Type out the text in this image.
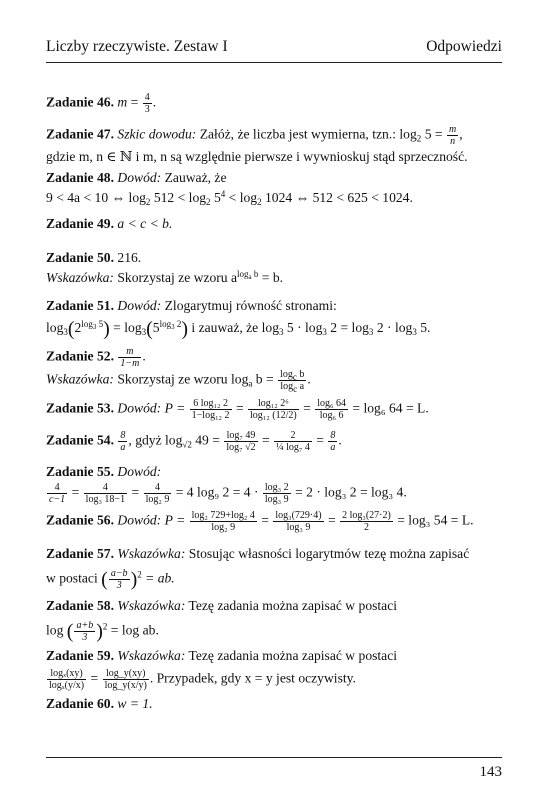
Liczby rzeczywiste. Zestaw I	Odpowiedzi
Zadanie 46. $m = \frac{4}{3}$ .
Zadanie 47. Szkic dowodu: Załóż, że liczba jest wymierna, tzn.: $\log_2 5 = \frac{m}{n}$ ,
gdzie m, n ∈ ℕ i m, n są względnie pierwsze i wywnioskuj stąd sprzeczność.
Zadanie 48. Dowód: Zauważ, że
9 < 4a < 10 ⇔ $\log_2 512 < \log_2 5^4 < \log_2 1024$ ⇔ 512 < 625 < 1024.
Zadanie 49. a < c < b.
Zadanie 50. 216.
Wskazówka: Skorzystaj ze wzoru $a^{log_a b} = b$.
Zadanie 51. Dowód: Zlogarytmuj równość stronami:
$\log_3(2^{log_3 5}) = \log_3(5^{log_3 2})$ i zauważ, że $\log_3 5 \cdot \log_3 2 = \log_3 2 \cdot \log_3 5$.
Zadanie 52. $\frac{m}{1-m}$ .
Wskazówka: Skorzystaj ze wzoru $\log_a b = \frac{\log_c b}{\log_c a}$ .
Zadanie 53. Dowód: $P = \frac{\text{6 log₁₂ 2}}{\text{1−log₁₂ 2}} = \frac{\text{log₁₂ 2⁶}}{\text{log₁₂ (12/2)}} = \frac{\text{log₆ 64}}{\text{log₆ 6}} = \log_6$ 64 = L.
Zadanie 54. $\frac{8}{a}$ , gdyż $\log_{√2} 49 = \frac{\text{log₇ 49}}{\text{log₇ √2}} = \frac{2}{\text{¼ log₇ 4}} = \frac{8}{a}$ .
Zadanie 55. Dowód:
$\frac{4}{c-1} = \frac{4}{\text{log₃ 18−1}} = \frac{4}{\text{log₂ 9}} = 4$ log₉ $2 = 4 \cdot \frac{\text{log₃ 2}}{\text{log₃ 9}} = 2 \cdot \log_3$ 2 = log₃ 4.
Zadanie 56. Dowód: $P = \frac{\text{log₂ 729+log₂ 4}}{\text{log₂ 9}} = \frac{\text{log₃(729·4)}}{\text{log₃ 9}} = \frac{\text{2 log₃(27·2)}}{2} = \log_3$ 54 = L.
Zadanie 57. Wskazówka: Stosując własności logarytmów tezę można zapisać
w postaci ( $\frac{a-b}{3} )^2$ = ab.
Zadanie 58. Wskazówka: Tezę zadania można zapisać w postaci
log ( $\frac{a+b}{3} )^2 = \log$ ab.
Zadanie 59. Wskazówka: Tezę zadania można zapisać w postaci
$\frac{\text{logₓ(xy)}}{\text{logₓ(y/x)}} = \frac{\log\_y(xy)}{\log\_y(x/y)}$ . Przypadek, gdy x = y jest oczywisty.
Zadanie 60. w = 1.
143
